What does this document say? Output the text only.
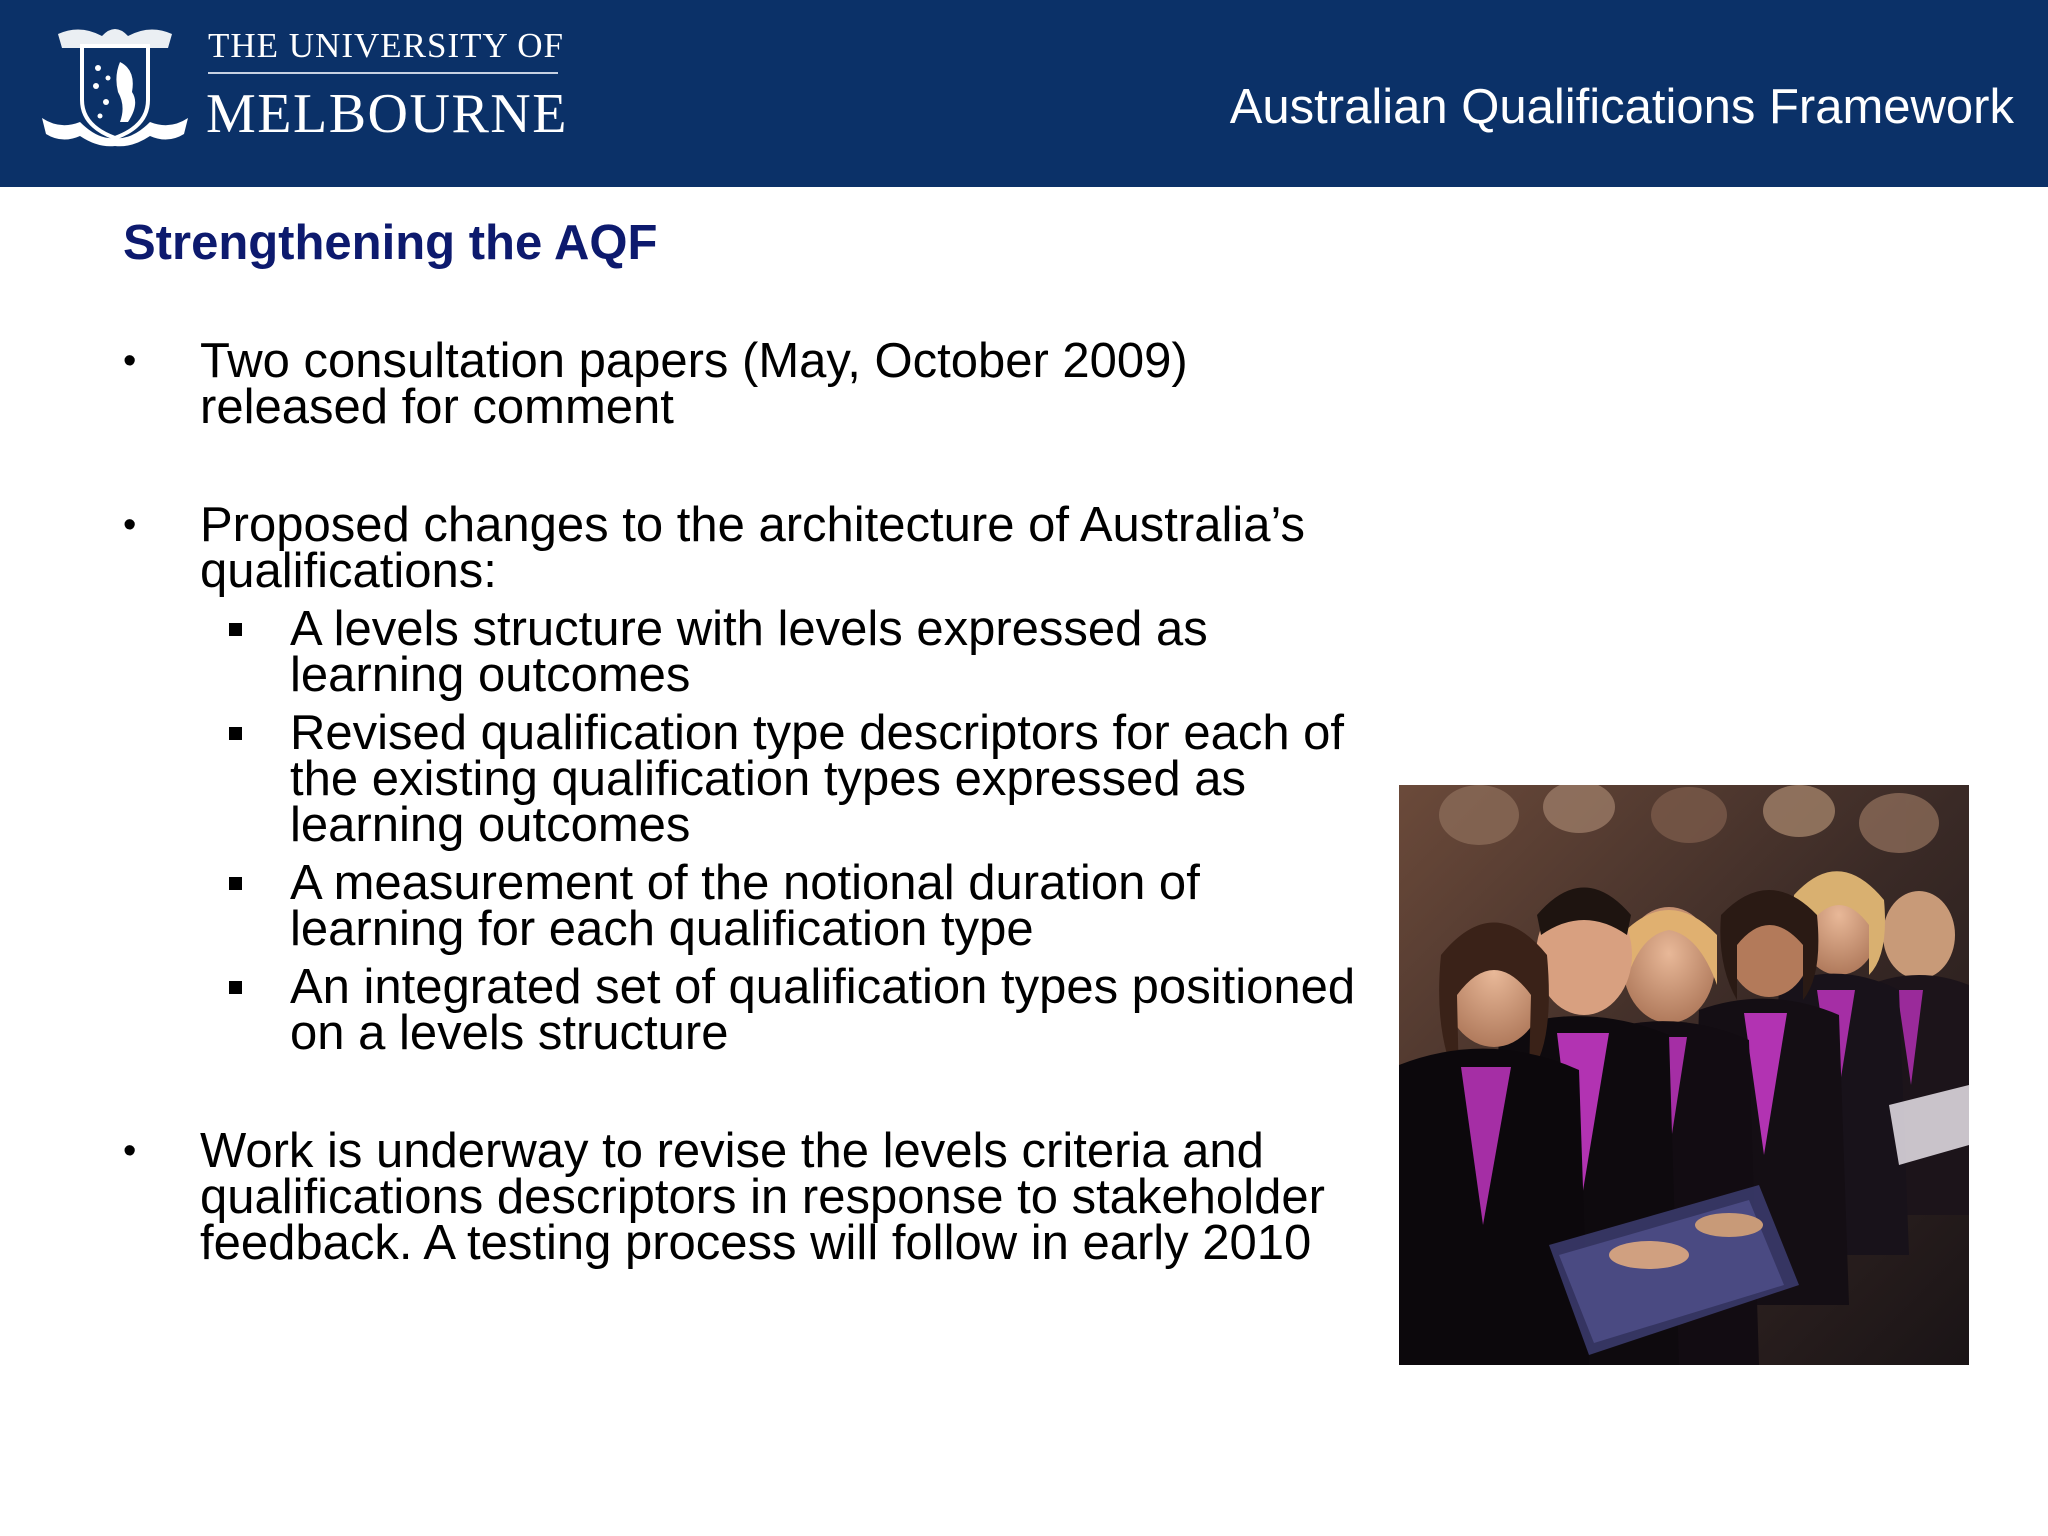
THE UNIVERSITY OF
MELBOURNE	Australian Qualifications Framework
Strengthening the AQF
• Two consultation papers (May, October 2009) released for comment
• Proposed changes to the architecture of Australia’s qualifications:
A levels structure with levels expressed as learning outcomes
Revised qualification type descriptors for each of the existing qualification types expressed as learning outcomes
A measurement of the notional duration of learning for each qualification type
An integrated set of qualification types positioned on a levels structure
• Work is underway to revise the levels criteria and qualifications descriptors in response to stakeholder feedback. A testing process will follow in early 2010
